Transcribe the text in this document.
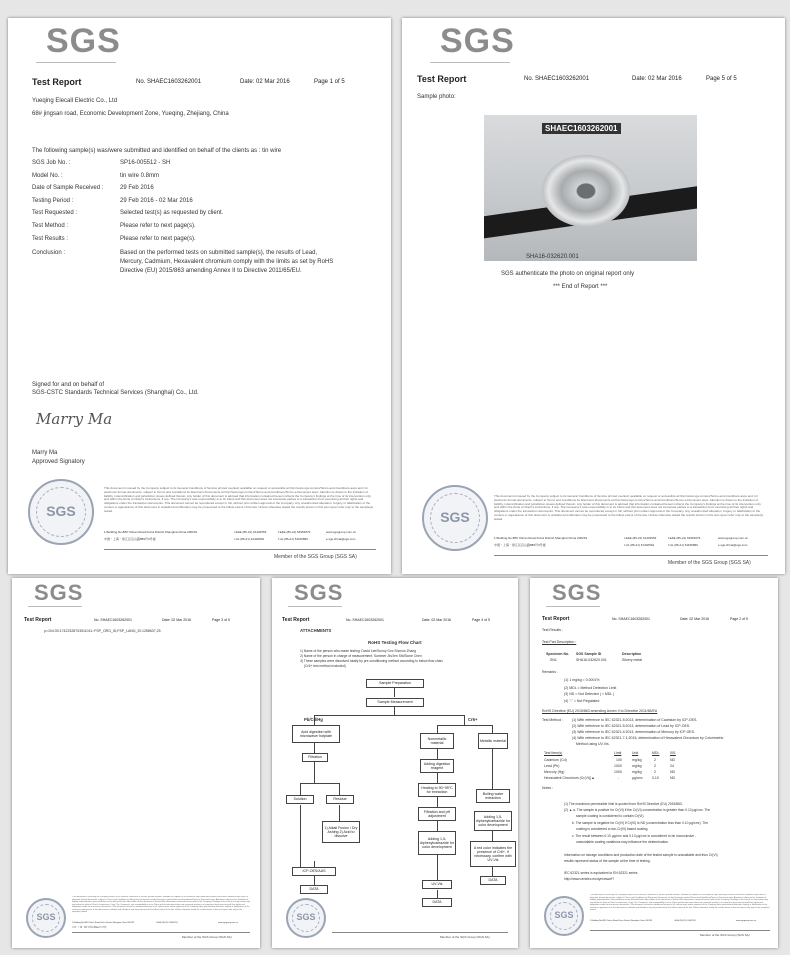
SGS
Test Report	No. SHAEC1603262001	Date: 02 Mar 2016	Page 1 of 5
Yueqing Elecall Electric Co., Ltd
68# jingsan road, Economic Development Zone, Yueqing, Zhejiang, China
The following sample(s) was/were submitted and identified on behalf of the clients as : tin wire
SGS Job No. :	SP16-005512 - SH
Model No. :	tin wire 0.8mm
Date of Sample Received :	29 Feb 2016
Testing Period :	29 Feb 2016 - 02 Mar 2016
Test Requested :	Selected test(s) as requested by client.
Test Method :	Please refer to next page(s).
Test Results :	Please refer to next page(s).
Conclusion :	Based on the performed tests on submitted sample(s), the results of Lead,
Mercury, Cadmium, Hexavalent chromium comply with the limits as set by RoHS
Directive (EU) 2015/863 amending Annex II to Directive 2011/65/EU.
Signed for and on behalf of
SGS-CSTC Standards Technical Services (Shanghai) Co., Ltd.
Marry Ma
Marry Ma
Approved Signatory
SGS
This document is issued by the Company subject to its General Conditions of Service printed overleaf, available on request or accessible at http://www.sgs.com/en/Terms-and-Conditions.aspx and, for electronic format documents, subject to Terms and Conditions for Electronic Documents at http://www.sgs.com/en/Terms-and-Conditions/Terms-e-Document.aspx. Attention is drawn to the limitation of liability, indemnification and jurisdiction issues defined therein. Any holder of this document is advised that information contained hereon reflects the Company's findings at the time of its intervention only and within the limits of Client's instructions, if any. The Company's sole responsibility is to its Client and this document does not exonerate parties to a transaction from exercising all their rights and obligations under the transaction documents. This document cannot be reproduced except in full, without prior written approval of the Company. Any unauthorized alteration, forgery or falsification of the content or appearance of this document is unlawful and offenders may be prosecuted to the fullest extent of the law. Unless otherwise stated the results shown in this test report refer only to the sample(s) tested.
1 Building,No.889 Yishan Road,Xuhui District,Shanghai China 200233
中国・上海・徐汇区宜山路889号3号楼
t E&E (86-21) 61402553	f E&E (86-21) 64953679	www.sgsgroup.com.cn
t HL (86-21) 61402594	f HL (86-21) 61156899	e sgs.china@sgs.com
Member of the SGS Group (SGS SA)
SGS
Test Report	No. SHAEC1603262001	Date: 02 Mar 2016	Page 5 of 5
Sample photo:
SHAEC1603262001
SHA16-032620.001
SGS authenticate the photo on original report only
*** End of Report ***
SGS
This document is issued by the Company subject to its General Conditions of Service printed overleaf, available on request or accessible at http://www.sgs.com/en/Terms-and-Conditions.aspx and, for electronic format documents, subject to Terms and Conditions for Electronic Documents at http://www.sgs.com/en/Terms-and-Conditions/Terms-e-Document.aspx. Attention is drawn to the limitation of liability, indemnification and jurisdiction issues defined therein. Any holder of this document is advised that information contained hereon reflects the Company's findings at the time of its intervention only and within the limits of Client's instructions, if any. The Company's sole responsibility is to its Client and this document does not exonerate parties to a transaction from exercising all their rights and obligations under the transaction documents. This document cannot be reproduced except in full, without prior written approval of the Company. Any unauthorized alteration, forgery or falsification of the content or appearance of this document is unlawful and offenders may be prosecuted to the fullest extent of the law. Unless otherwise stated the results shown in this test report refer only to the sample(s) tested.
1 Building,No.889 Yishan Road,Xuhui District,Shanghai China 200233
中国・上海・徐汇区宜山路889号3号楼
t E&E (86-21) 61402553	f E&E (86-21) 64953679	www.sgsgroup.com.cn
t HL (86-21) 61402594	f HL (86-21) 61156899	e sgs.china@sgs.com
Member of the SGS Group (SGS SA)
SGS
Test Report	No. SHAEC1603262001	Date: 02 Mar 2016	Page 3 of 5
p=104:30:17422328703511011::FSP_ORG_ID,FSP_LANG_ID:1258637,25
SGS
This document is issued by the Company subject to its General Conditions of Service printed overleaf, available on request or accessible at http://www.sgs.com/en/Terms-and-Conditions.aspx and, for electronic format documents, subject to Terms and Conditions for Electronic Documents at http://www.sgs.com/en/Terms-and-Conditions/Terms-e-Document.aspx. Attention is drawn to the limitation of liability, indemnification and jurisdiction issues defined therein. Any holder of this document is advised that information contained hereon reflects the Company's findings at the time of its intervention only and within the limits of Client's instructions, if any. The Company's sole responsibility is to its Client and this document does not exonerate parties to a transaction from exercising all their rights and obligations under the transaction documents. This document cannot be reproduced except in full, without prior written approval of the Company. Any unauthorized alteration, forgery or falsification of the content or appearance of this document is unlawful and offenders may be prosecuted to the fullest extent of the law. Unless otherwise stated the results shown in this test report refer only to the sample(s) tested.
1 Building,No.889 Yishan Road,Xuhui District,Shanghai China 200233
中国・上海・徐汇区宜山路889号3号楼
t E&E (86-21) 61402553	www.sgsgroup.com.cn
Member of the SGS Group (SGS SA)
SGS
Test Report	No. SHAEC1603262001	Date: 02 Mar 2016	Page 4 of 5
ATTACHMENTS
RoHS Testing Flow Chart
1) Name of the person who made testing: David Lee/Sunny Gnc Shonon Zhang
2) Name of the person in charge of measurement: Summer Jin/Jen Shi/Stone Chen
3) These samples were dissolved totally by pre-conditioning method according to below flow chart.
(Cr6+ test method excluded)
Sample Preparation
Sample Measurement
Pb/Cd/Hg	Cr6+
Acid digestion with microwave/ hotplate
Filtration
Solution	Residue
1) Alkali Fusion / Dry Ashing 2) Acid to dissolve
ICP-OES/AAS
DATA
Nonmetallic material
Metallic material
Adding digestion reagent
Heating to 90~95°C for extraction
Filtration and pH adjustment
Adding 1,5-diphenylcarbazide for color development
Boiling water extraction
Adding 1,5-diphenylcarbazide for color development
A red color indicates the presence of Cr6+, if necessary, confirm with UV-Vis
UV-Vis
DATA
DATA
SGS
Member of the SGS Group (SGS SA)
SGS
Test Report	No. SHAEC1603262001	Date: 02 Mar 2016	Page 2 of 5
Test Results :
Test Part Description :
Specimen No. SGS Sample ID	Description
SN1	SHA16-032620.001	Silvery metal
Remarks :
(1) 1 mg/kg = 0.0001%
(2) MDL = Method Detection Limit
(3) ND = Not Detected ( < MDL )
(4) "-" = Not Regulated
RoHS Directive (EU) 2015/863 amending Annex II to Directive 2011/65/EU
Test Method :	(1) With reference to IEC 62321-5:2013, determination of Cadmium by ICP-OES.
(2) With reference to IEC 62321-5:2013, determination of Lead by ICP-OES.
(3) With reference to IEC 62321-4:2013, determination of Mercury by ICP-OES.
(4) With reference to IEC 62321-7-1:2015, determination of Hexavalent Chromium by Colorimetric
Method using UV-Vis.
Test Item(s)	Limit	Unit	MDL	001
Cadmium (Cd)	100	mg/kg	2	ND
Lead (Pb)	1000	mg/kg	2	24
Mercury (Hg)	1000	mg/kg	2	ND
Hexavalent Chromium (Cr(VI))▲	-	µg/cm²	0.10	ND
Notes :
(1) The maximum permissible limit is quoted from RoHS Directive (EU) 2015/863.
(2) ▲ a. The sample is positive for Cr(VI) if the Cr(VI) concentration is greater than 0.13 µg/cm². The
sample coating is considered to contain Cr(VI).
b. The sample is negative for Cr(VI) if Cr(VI) is ND (concentration less than 0.10 µg/cm²). The
coating is considered a non-Cr(VI) based coating.
c. The result between 0.10 µg/cm² and 0.13 µg/cm² is considered to be inconclusive -
unavoidable coating variations may influence the determination.
Information on storage conditions and production date of the tested sample is unavailable and thus Cr(VI)
results represent status of the sample at the time of testing.
IEC 62321 series is equivalent to EN 62321 series
http://www.cenelec.eu/dyn/www/f?
SGS
This document is issued by the Company subject to its General Conditions of Service printed overleaf, available on request or accessible at http://www.sgs.com/en/Terms-and-Conditions.aspx and, for electronic format documents, subject to Terms and Conditions for Electronic Documents at http://www.sgs.com/en/Terms-and-Conditions/Terms-e-Document.aspx. Attention is drawn to the limitation of liability, indemnification and jurisdiction issues defined therein. Any holder of this document is advised that information contained hereon reflects the Company's findings at the time of its intervention only and within the limits of Client's instructions, if any. The Company's sole responsibility is to its Client and this document does not exonerate parties to a transaction from exercising all their rights and obligations under the transaction documents. This document cannot be reproduced except in full, without prior written approval of the Company. Any unauthorized alteration, forgery or falsification of the content or appearance of this document is unlawful and offenders may be prosecuted to the fullest extent of the law. Unless otherwise stated the results shown in this test report refer only to the sample(s) tested.
1 Building,No.889 Yishan Road,Xuhui District,Shanghai China 200233	t E&E (86-21) 61402553	www.sgsgroup.com.cn
Member of the SGS Group (SGS SA)
